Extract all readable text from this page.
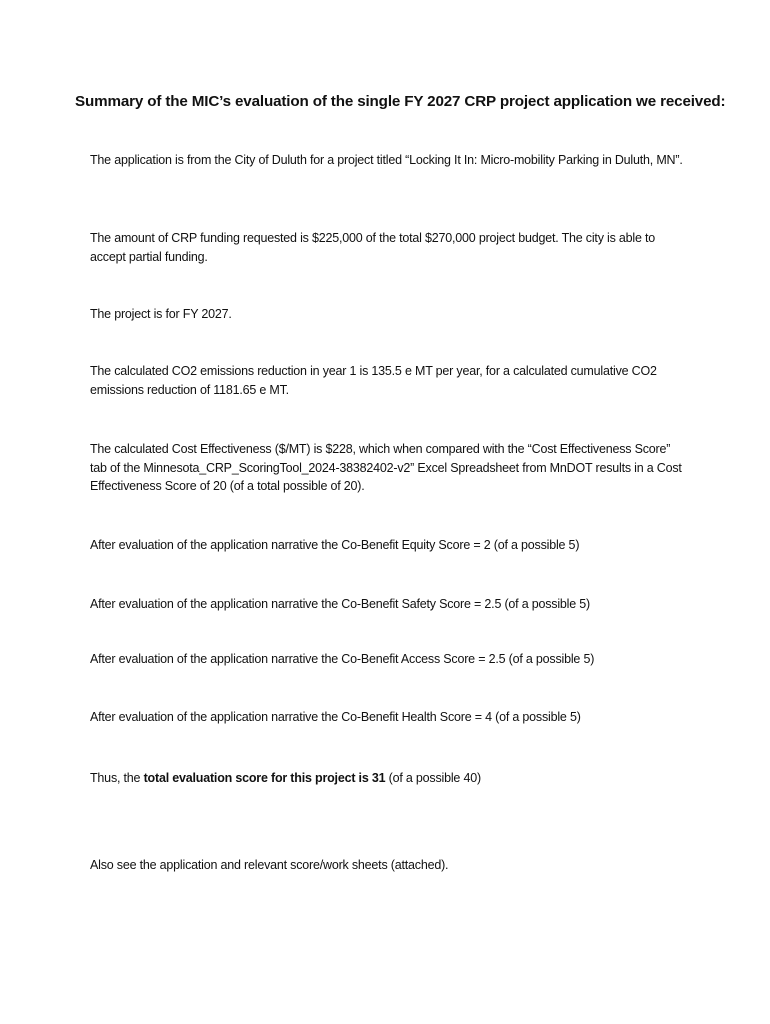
Summary of the MIC’s evaluation of the single FY 2027 CRP project application we received:
The application is from the City of Duluth for a project titled “Locking It In: Micro-mobility Parking in Duluth, MN”.
The amount of CRP funding requested is $225,000 of the total $270,000 project budget. The city is able to accept partial funding.
The project is for FY 2027.
The calculated CO2 emissions reduction in year 1 is 135.5 e MT per year, for a calculated cumulative CO2 emissions reduction of 1181.65 e MT.
The calculated Cost Effectiveness ($/MT) is $228, which when compared with the “Cost Effectiveness Score” tab of the Minnesota_CRP_ScoringTool_2024-38382402-v2” Excel Spreadsheet from MnDOT results in a Cost Effectiveness Score of 20 (of a total possible of 20).
After evaluation of the application narrative the Co-Benefit Equity Score = 2 (of a possible 5)
After evaluation of the application narrative the Co-Benefit Safety Score = 2.5 (of a possible 5)
After evaluation of the application narrative the Co-Benefit Access Score = 2.5 (of a possible 5)
After evaluation of the application narrative the Co-Benefit Health Score = 4 (of a possible 5)
Thus, the total evaluation score for this project is 31 (of a possible 40)
Also see the application and relevant score/work sheets (attached).
